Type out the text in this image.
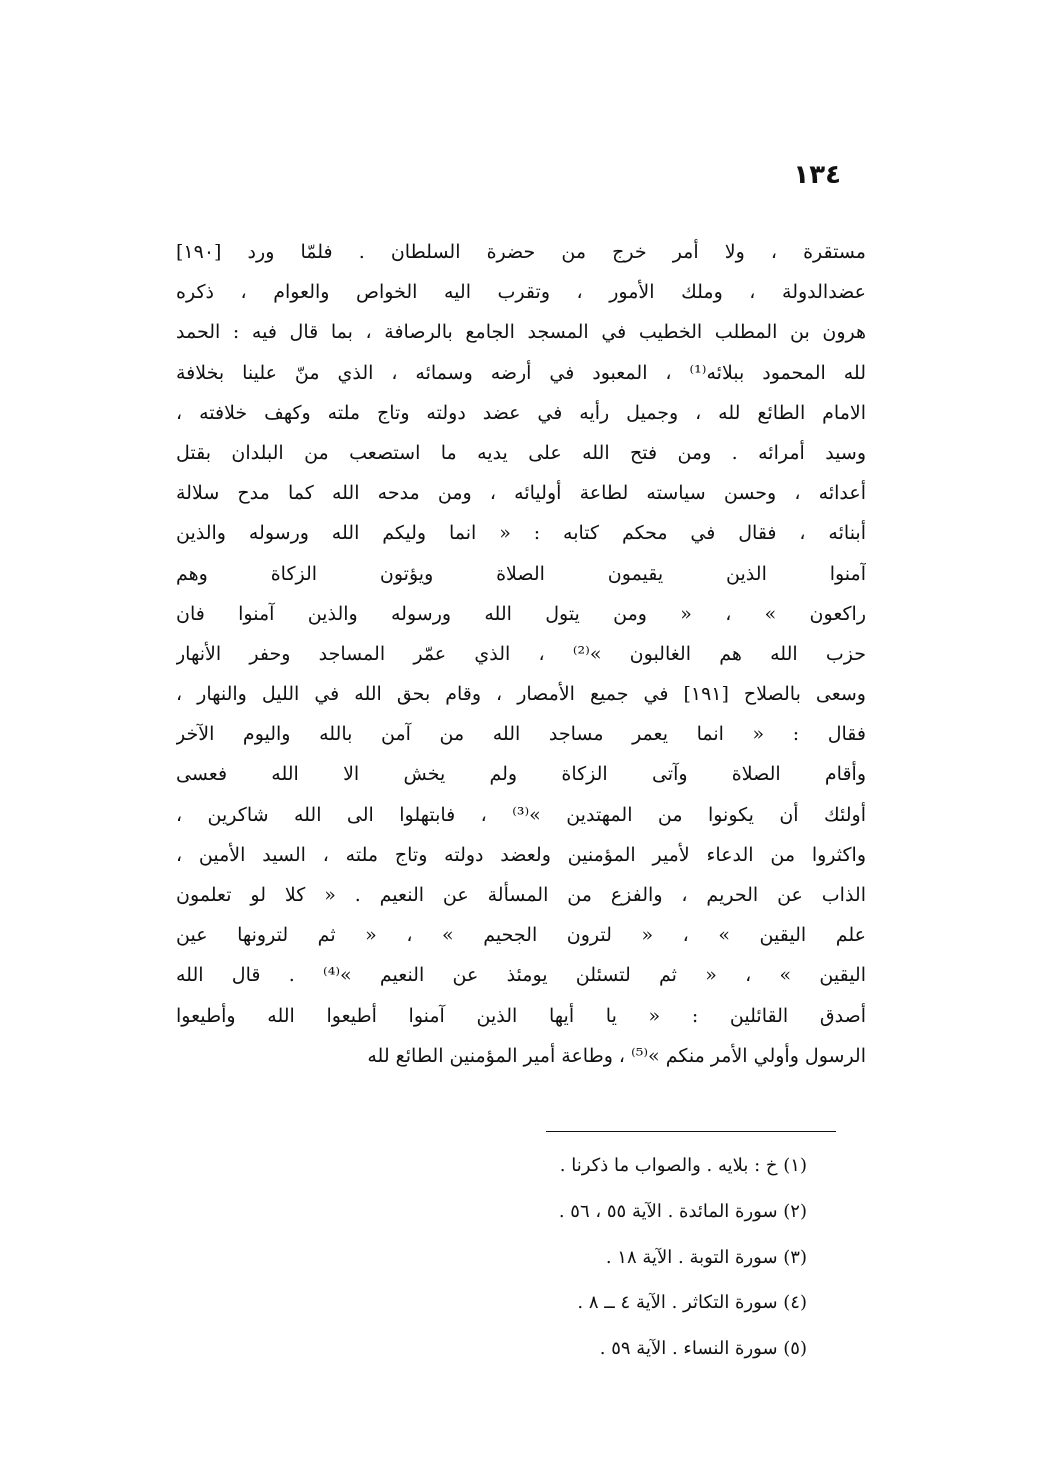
١٣٤
مستقرة ، ولا أمر خرج من حضرة السلطان . فلمّا ورد [١٩٠]
عضدالدولة ، وملك الأمور ، وتقرب اليه الخواص والعوام ، ذكره
هرون بن المطلب الخطيب في المسجد الجامع بالرصافة ، بما قال فيه : الحمد
لله المحمود ببلائه⁽¹⁾ ، المعبود في أرضه وسمائه ، الذي منّ علينا بخلافة
الامام الطائع لله ، وجميل رأيه في عضد دولته وتاج ملته وكهف خلافته ،
وسيد أمرائه . ومن فتح الله على يديه ما استصعب من البلدان بقتل
أعدائه ، وحسن سياسته لطاعة أوليائه ، ومن مدحه الله كما مدح سلالة
أبنائه ، فقال في محكم كتابه : « انما وليكم الله ورسوله والذين
آمنوا الذين يقيمون الصلاة ويؤتون الزكاة وهم
راكعون » ، « ومن يتول الله ورسوله والذين آمنوا فان
حزب الله هم الغالبون »⁽²⁾ ، الذي عمّر المساجد وحفر الأنهار
وسعى بالصلاح [١٩١] في جميع الأمصار ، وقام بحق الله في الليل والنهار ،
فقال : « انما يعمر مساجد الله من آمن بالله واليوم الآخر
وأقام الصلاة وآتى الزكاة ولم يخش الا الله فعسى
أولئك أن يكونوا من المهتدين »⁽³⁾ ، فابتهلوا الى الله شاكرين ،
واكثروا من الدعاء لأمير المؤمنين ولعضد دولته وتاج ملته ، السيد الأمين ،
الذاب عن الحريم ، والفزع من المسألة عن النعيم . « كلا لو تعلمون
علم اليقين » ، « لترون الجحيم » ، « ثم لترونها عين
اليقين » ، « ثم لتسئلن يومئذ عن النعيم »⁽⁴⁾ . قال الله
أصدق القائلين : « يا أيها الذين آمنوا أطيعوا الله وأطيعوا
الرسول وأولي الأمر منكم »⁽⁵⁾ ، وطاعة أمير المؤمنين الطائع لله
(١) خ : بلايه . والصواب ما ذكرنا .
(٢) سورة المائدة . الآية ٥٥ ، ٥٦ .
(٣) سورة التوبة . الآية ١٨ .
(٤) سورة التكاثر . الآية ٤ ــ ٨ .
(٥) سورة النساء . الآية ٥٩ .
